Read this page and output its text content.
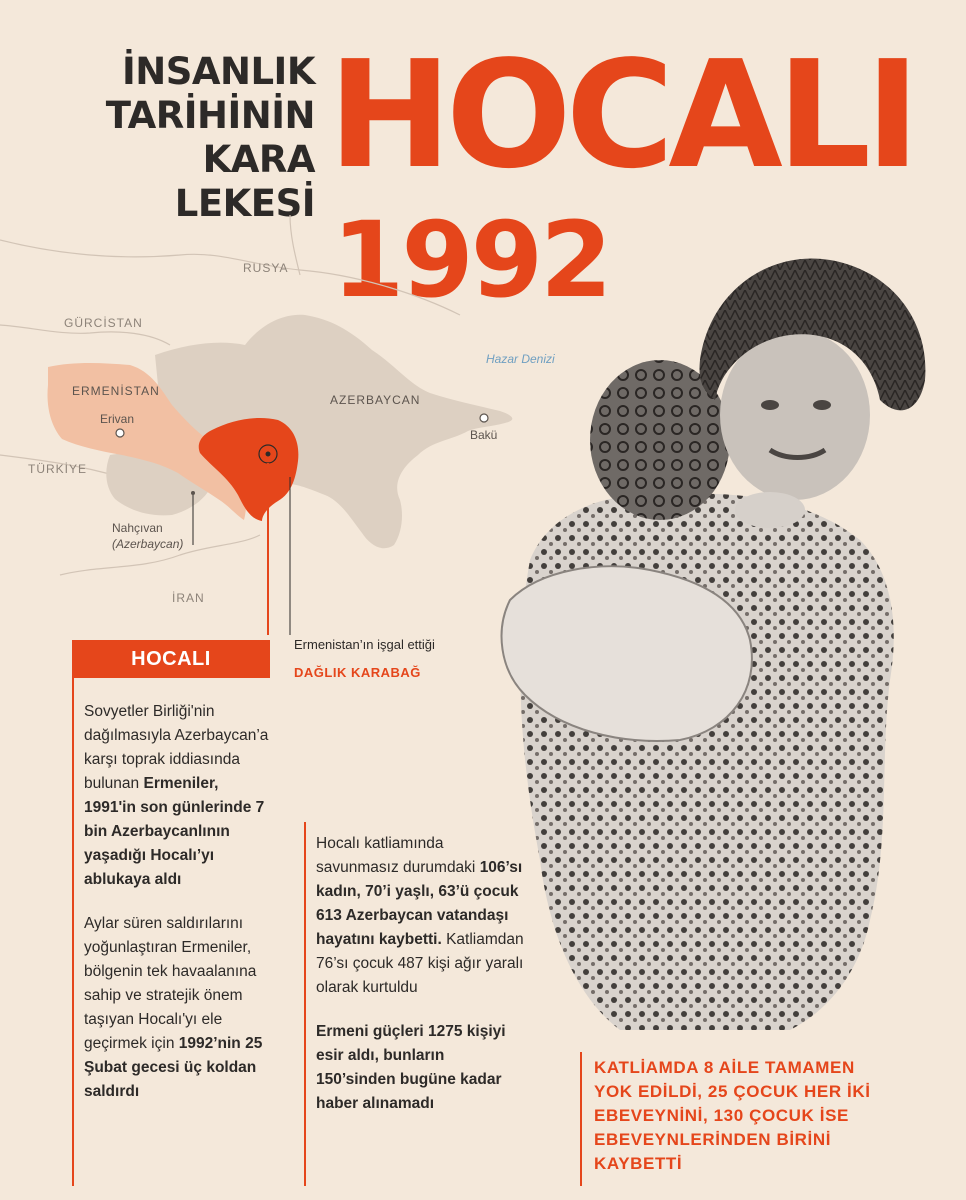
İNSANLIK
TARİHİNİN
KARA LEKESİ
HOCALI
1992
RUSYA
GÜRCİSTAN
ERMENİSTAN
AZERBAYCAN
TÜRKİYE
İRAN
Hazar Denizi
Erivan
Bakü
Nahçıvan
(Azerbaycan)
Ermenistan’ın işgal ettiği
DAĞLIK KARABAĞ
HOCALI

Sovyetler Birliği'nin dağılmasıyla Azerbaycan’a karşı toprak iddiasında bulunan Ermeniler, 1991'in son günlerinde 7 bin Azerbaycanlının yaşadığı Hocalı’yı ablukaya aldı

Aylar süren saldırılarını yoğunlaştıran Ermeniler, bölgenin tek havaalanına sahip ve stratejik önem taşıyan Hocalı'yı ele geçirmek için 1992’nin 25 Şubat gecesi üç koldan saldırdı

Hocalı katliamında savunmasız durumdaki 106’sı kadın, 70’i yaşlı, 63’ü çocuk 613 Azerbaycan vatandaşı hayatını kaybetti. Katliamdan 76’sı çocuk 487 kişi ağır yaralı olarak kurtuldu

Ermeni güçleri 1275 kişiyi esir aldı, bunların 150’sinden bugüne kadar haber alınamadı

KATLİAMDA 8 AİLE TAMAMEN YOK EDİLDİ, 25 ÇOCUK HER İKİ EBEVEYNİNİ, 130 ÇOCUK İSE EBEVEYNLERİNDEN BİRİNİ KAYBETTİ
